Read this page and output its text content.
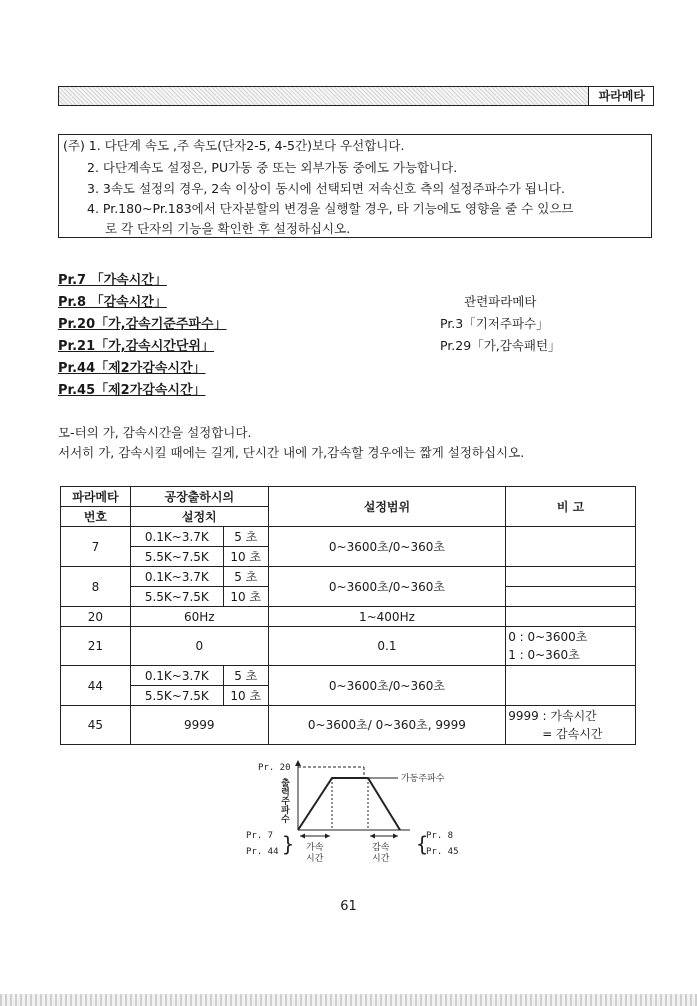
파라메타
(주) 1. 다단계 속도 ,주 속도(단자2-5, 4-5간)보다 우선합니다.
2. 다단계속도 설정은, PU가동 중 또는 외부가동 중에도 가능합니다.
3. 3속도 설정의 경우, 2속 이상이 동시에 선택되면 저속신호 측의 설정주파수가 됩니다.
4. Pr.180~Pr.183에서 단자분할의 변경을 실행할 경우, 타 기능에도 영향을 줄 수 있으므
로 각 단자의 기능을 확인한 후 설정하십시오.
Pr.7 「가속시간」
Pr.8 「감속시간」
Pr.20「가,감속기준주파수」
Pr.21「가,감속시간단위」
Pr.44「제2가감속시간」
Pr.45「제2가감속시간」
관련파라메타
Pr.3「기저주파수」
Pr.29「가,감속패턴」
모-터의 가, 감속시간을 설정합니다.
서서히 가, 감속시킬 때에는 길게, 단시간 내에 가,감속할 경우에는 짧게 설정하십시오.
파라메타	공장출하시의		설정범위	비 고
번호	설정치			
7	0.1K~3.7K	5 초	0~3600초/0~360초	
	5.5K~7.5K	10 초		
8	0.1K~3.7K	5 초	0~3600초/0~360초	
	5.5K~7.5K	10 초		
20	60Hz		1~400Hz	
21	0		0.1	0 : 0~3600초
1 : 0~360초

44	0.1K~3.7K	5 초	0~3600초/0~360초	
	5.5K~7.5K	10 초		
45	9999		0~3600초/ 0~360초, 9999	9999 : 가속시간
= 감속시간
가동주파수
Pr. 20
출력주파수
Pr. 7
Pr. 44 }	Pr. 8
Pr. 45
{
가속
시간
감속
시간
61
